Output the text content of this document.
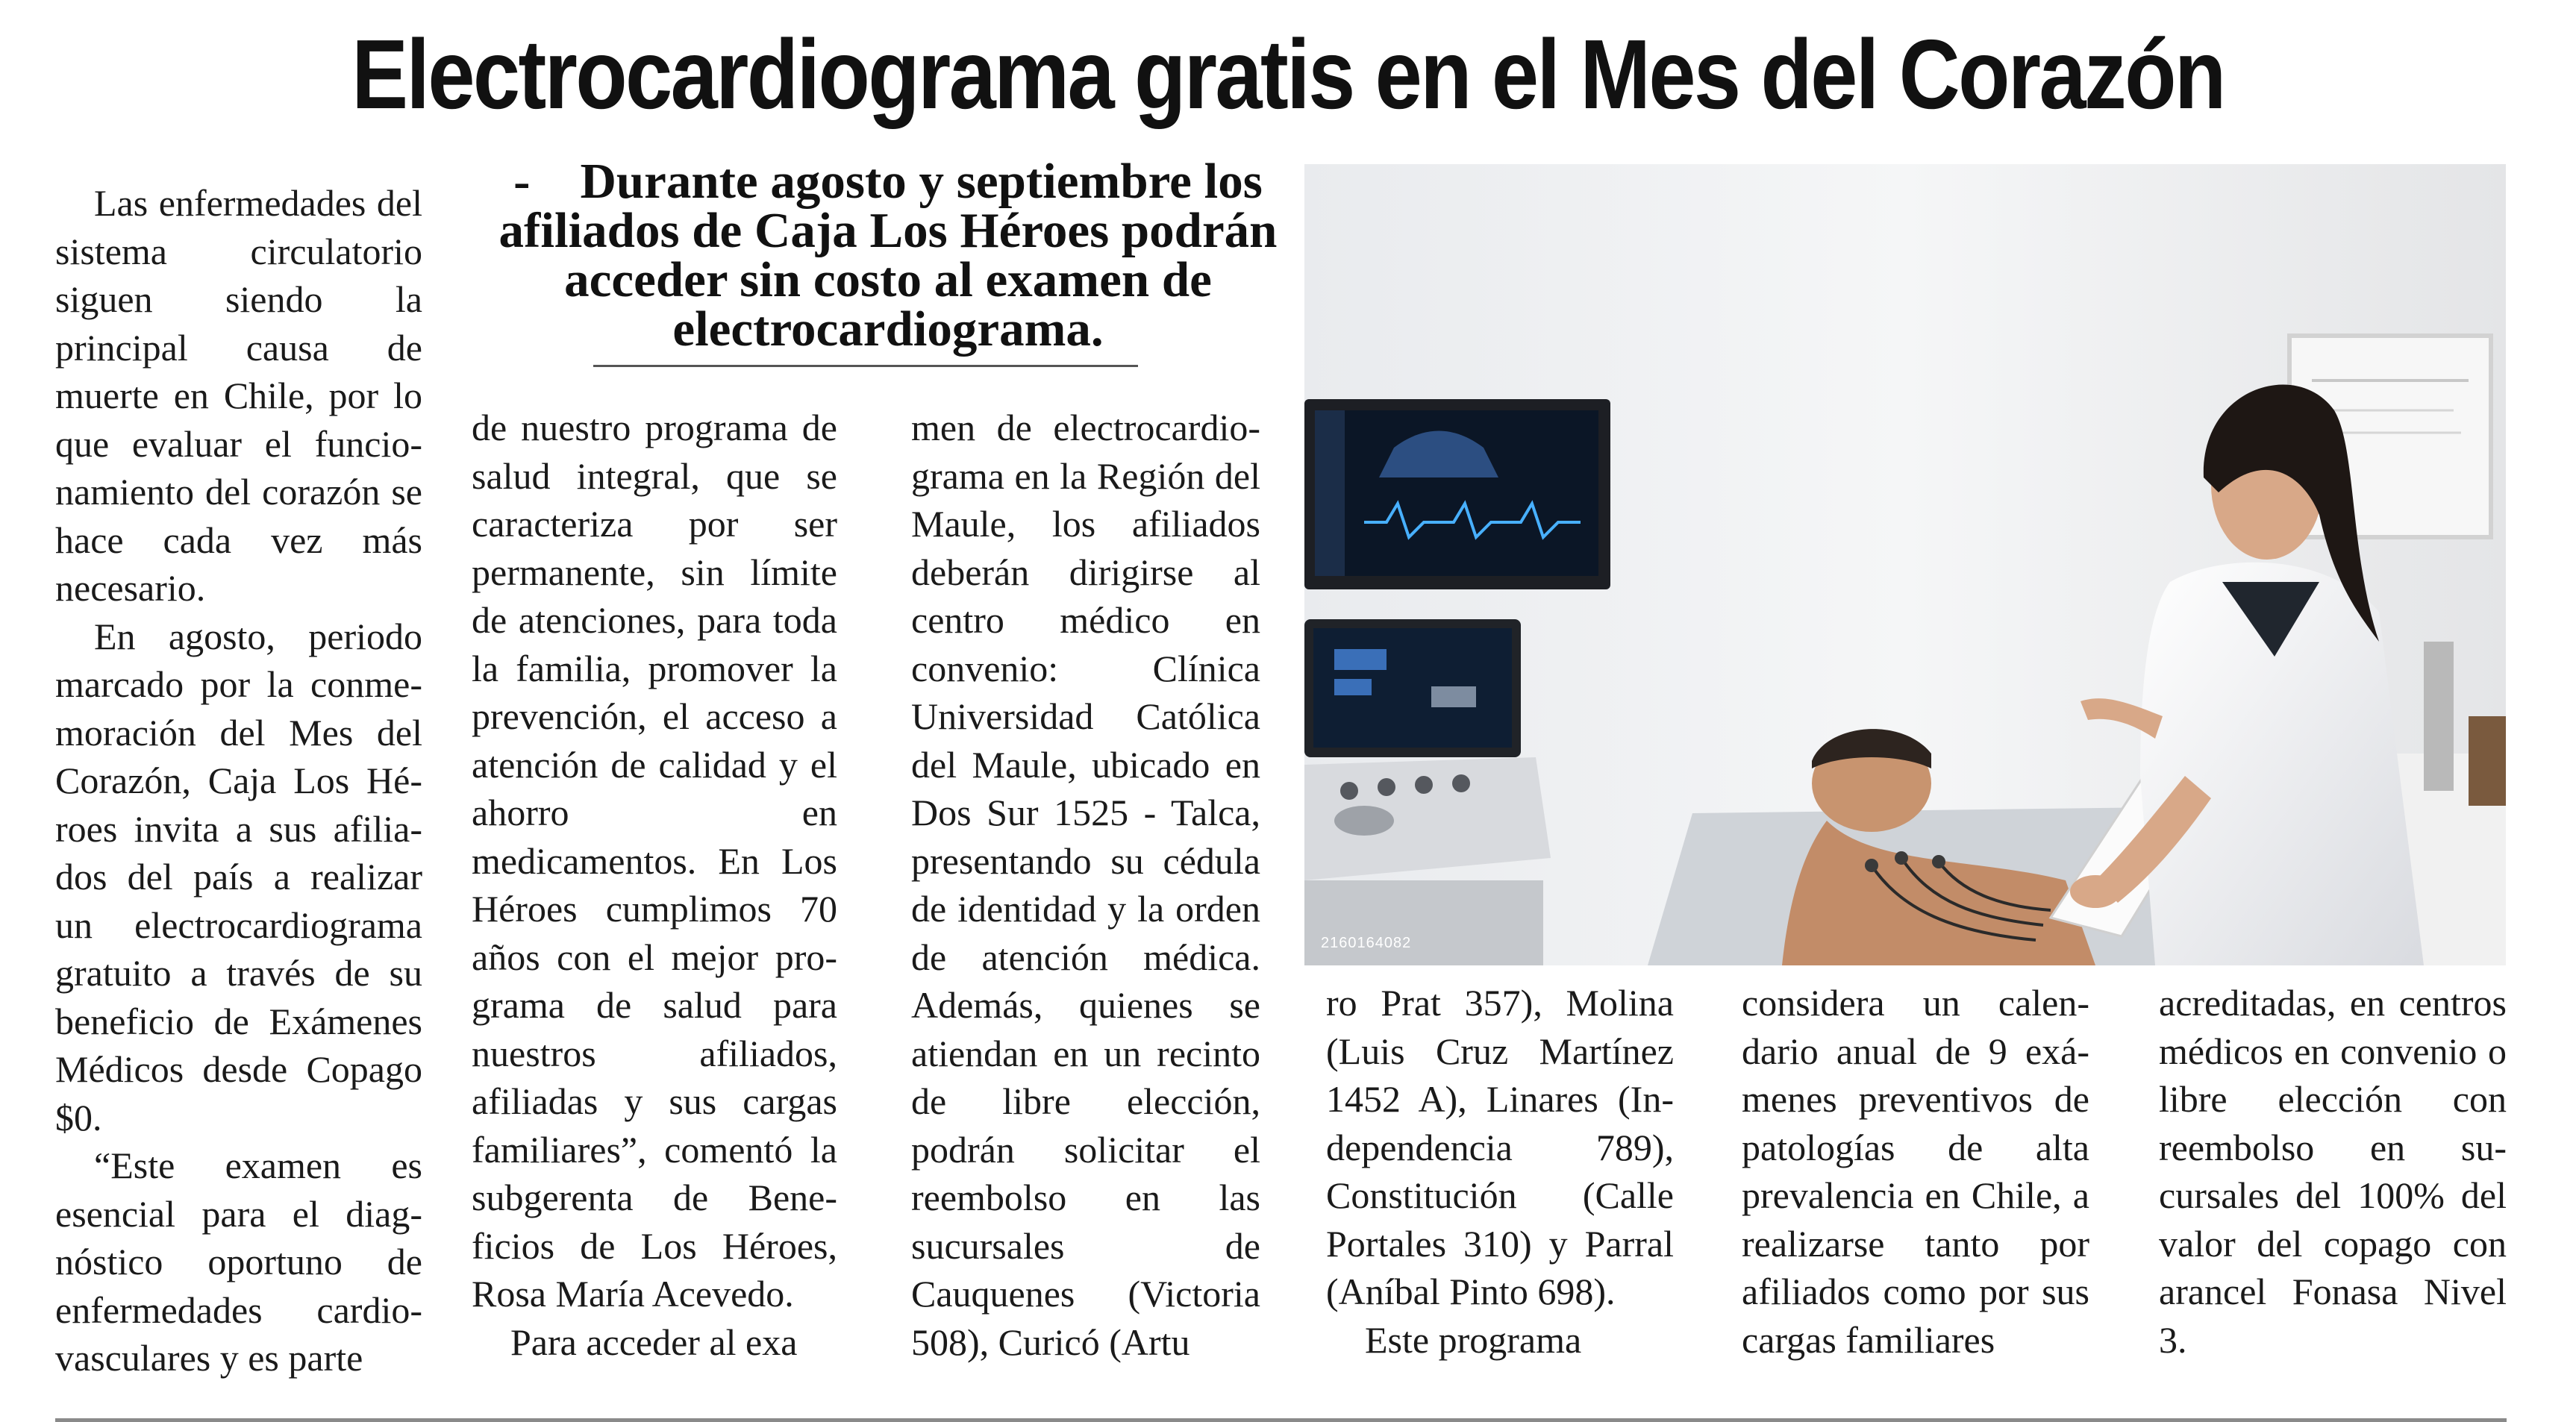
Electrocardiograma gratis en el Mes del Corazón
-    Durante agosto y septiembre los afiliados de Caja Los Héroes podrán acceder sin costo al examen de electrocardiograma.

Las enfermedades del sistema circulatorio siguen siendo la principal causa de muerte en Chile, por lo que evaluar el funcionamiento del corazón se hace cada vez más necesario.

En agosto, periodo marcado por la conmemoración del Mes del Corazón, Caja Los Héroes invita a sus afiliados del país a realizar un electrocardiograma gratuito a través de su beneficio de Exámenes Médicos desde Copago $0.

“Este examen es esencial para el diagnóstico oportuno de enfermedades cardiovasculares y es parte

de nuestro programa de salud integral, que se caracteriza por ser permanente, sin límite de atenciones, para toda la familia, promover la prevención, el acceso a atención de calidad y el ahorro en medicamentos. En Los Héroes cumplimos 70 años con el mejor programa de salud para nuestros afiliados, afiliadas y sus cargas familiares”, comentó la subgerenta de Beneficios de Los Héroes, Rosa María Acevedo.

Para acceder al exa

men de electrocardiograma en la Región del Maule, los afiliados deberán dirigirse al centro médico en convenio: Clínica Universidad Católica del Maule, ubicado en Dos Sur 1525 - Talca, presentando su cédula de identidad y la orden de atención médica. Además, quienes se atiendan en un recinto de libre elección, podrán solicitar el reembolso en las sucursales de Cauquenes (Victoria 508), Curicó (Artu

2160164082

ro Prat 357), Molina (Luis Cruz Martínez 1452 A), Linares (Independencia 789), Constitución (Calle Portales 310) y Parral (Aníbal Pinto 698).

Este programa

considera un calendario anual de 9 exámenes preventivos de patologías de alta prevalencia en Chile, a realizarse tanto por afiliados como por sus cargas familiares

acreditadas, en centros médicos en convenio o libre elección con reembolso en sucursales del 100% del valor del copago con arancel Fonasa Nivel 3.
